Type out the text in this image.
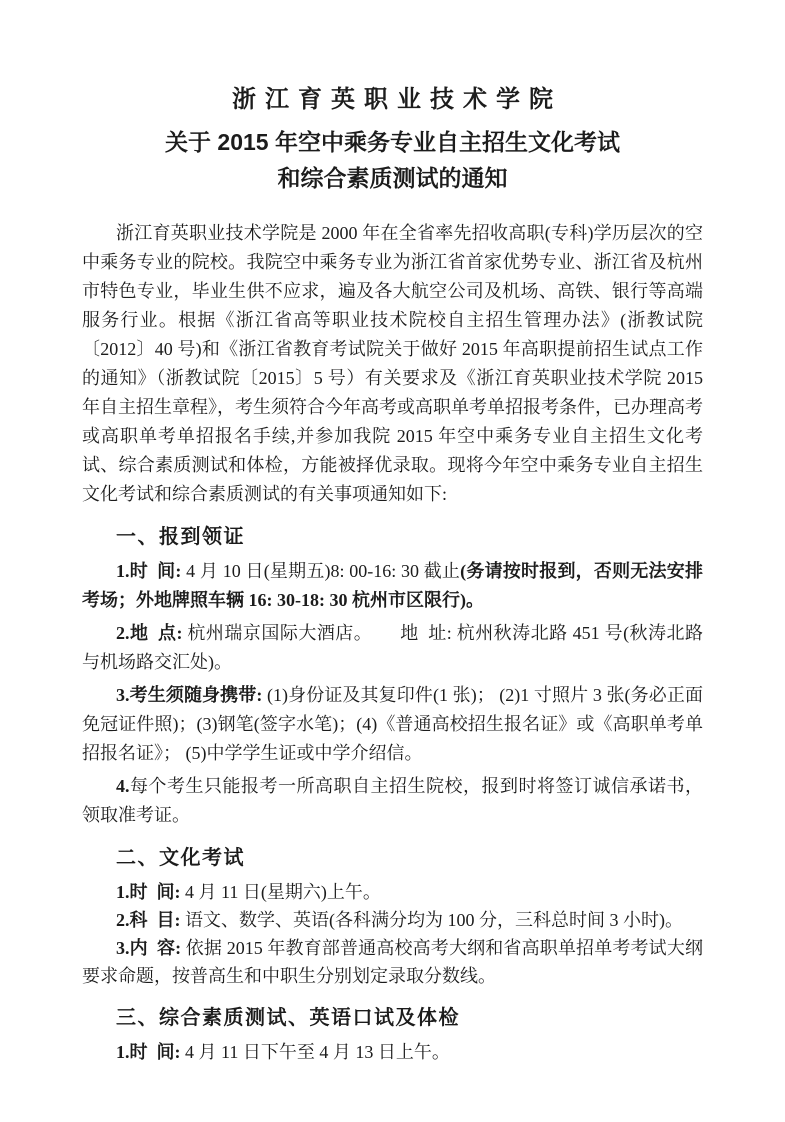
浙江育英职业技术学院
关于 2015 年空中乘务专业自主招生文化考试
和综合素质测试的通知

浙江育英职业技术学院是 2000 年在全省率先招收高职(专科)学历层次的空中乘务专业的院校。我院空中乘务专业为浙江省首家优势专业、浙江省及杭州市特色专业，毕业生供不应求，遍及各大航空公司及机场、高铁、银行等高端服务行业。根据《浙江省高等职业技术院校自主招生管理办法》(浙教试院〔2012〕40 号)和《浙江省教育考试院关于做好 2015 年高职提前招生试点工作的通知》（浙教试院〔2015〕5 号）有关要求及《浙江育英职业技术学院 2015 年自主招生章程》，考生须符合今年高考或高职单考单招报考条件，已办理高考或高职单考单招报名手续,并参加我院 2015 年空中乘务专业自主招生文化考试、综合素质测试和体检，方能被择优录取。现将今年空中乘务专业自主招生文化考试和综合素质测试的有关事项通知如下:

一、报到领证

1.时 间: 4 月 10 日(星期五)8: 00-16: 30 截止(务请按时报到，否则无法安排考场；外地牌照车辆 16: 30-18: 30 杭州市区限行)。

2.地 点: 杭州瑞京国际大酒店。　　地 址: 杭州秋涛北路 451 号(秋涛北路与机场路交汇处)。

3.考生须随身携带: (1)身份证及其复印件(1 张)； (2)1 寸照片 3 张(务必正面免冠证件照)；(3)钢笔(签字水笔)；(4)《普通高校招生报名证》或《高职单考单招报名证》； (5)中学学生证或中学介绍信。

4.每个考生只能报考一所高职自主招生院校，报到时将签订诚信承诺书，领取准考证。

二、文化考试

1.时 间: 4 月 11 日(星期六)上午。

2.科 目: 语文、数学、英语(各科满分均为 100 分，三科总时间 3 小时)。

3.内 容: 依据 2015 年教育部普通高校高考大纲和省高职单招单考考试大纲要求命题，按普高生和中职生分别划定录取分数线。

三、综合素质测试、英语口试及体检

1.时 间: 4 月 11 日下午至 4 月 13 日上午。
